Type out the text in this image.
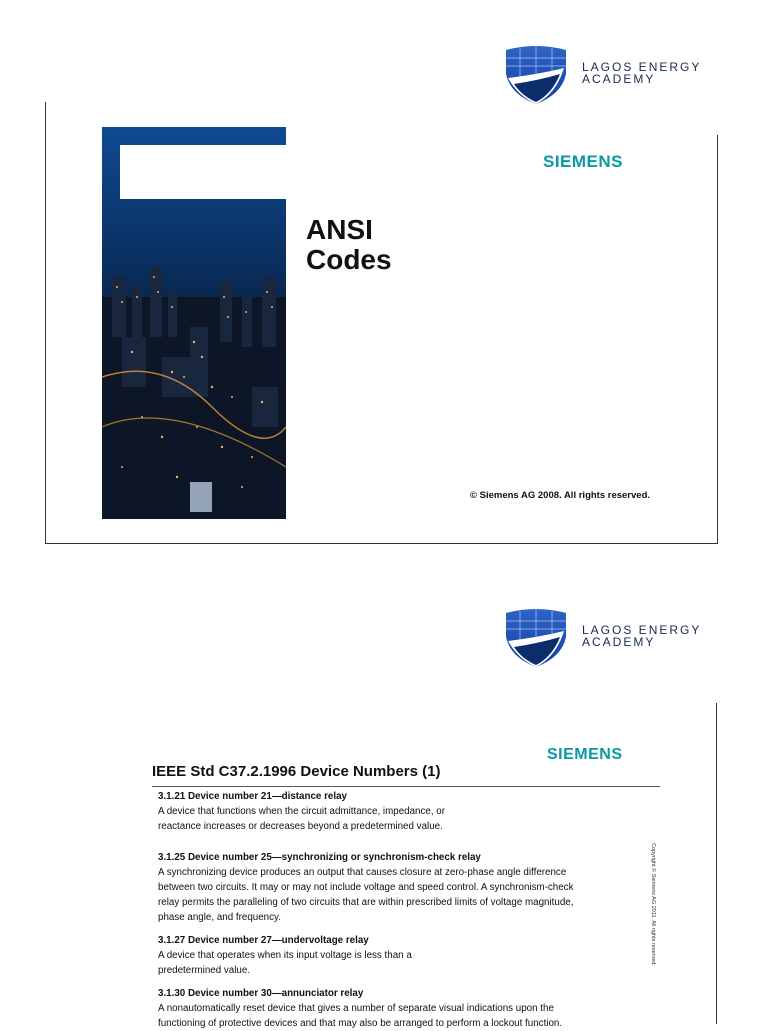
LAGOS ENERGY
ACADEMY
SIEMENS
ANSI
Codes
© Siemens AG 2008. All rights reserved.
LAGOS ENERGY
ACADEMY
SIEMENS
IEEE Std C37.2.1996 Device Numbers (1)
3.1.21 Device number 21—distance relay
A device that functions when the circuit admittance, impedance, or
reactance increases or decreases beyond a predetermined value.
3.1.25 Device number 25—synchronizing or synchronism-check relay
A synchronizing device produces an output that causes closure at zero-phase angle difference
between two circuits. It may or may not include voltage and speed control. A synchronism-check
relay permits the paralleling of two circuits that are within prescribed limits of voltage magnitude,
phase angle, and frequency.
3.1.27 Device number 27—undervoltage relay
A device that operates when its input voltage is less than a
predetermined value.
3.1.30 Device number 30—annunciator relay
A nonautomatically reset device that gives a number of separate visual indications upon the
functioning of protective devices and that may also be arranged to perform a lockout function.
Copyright © Siemens AG 2011. All rights reserved.
